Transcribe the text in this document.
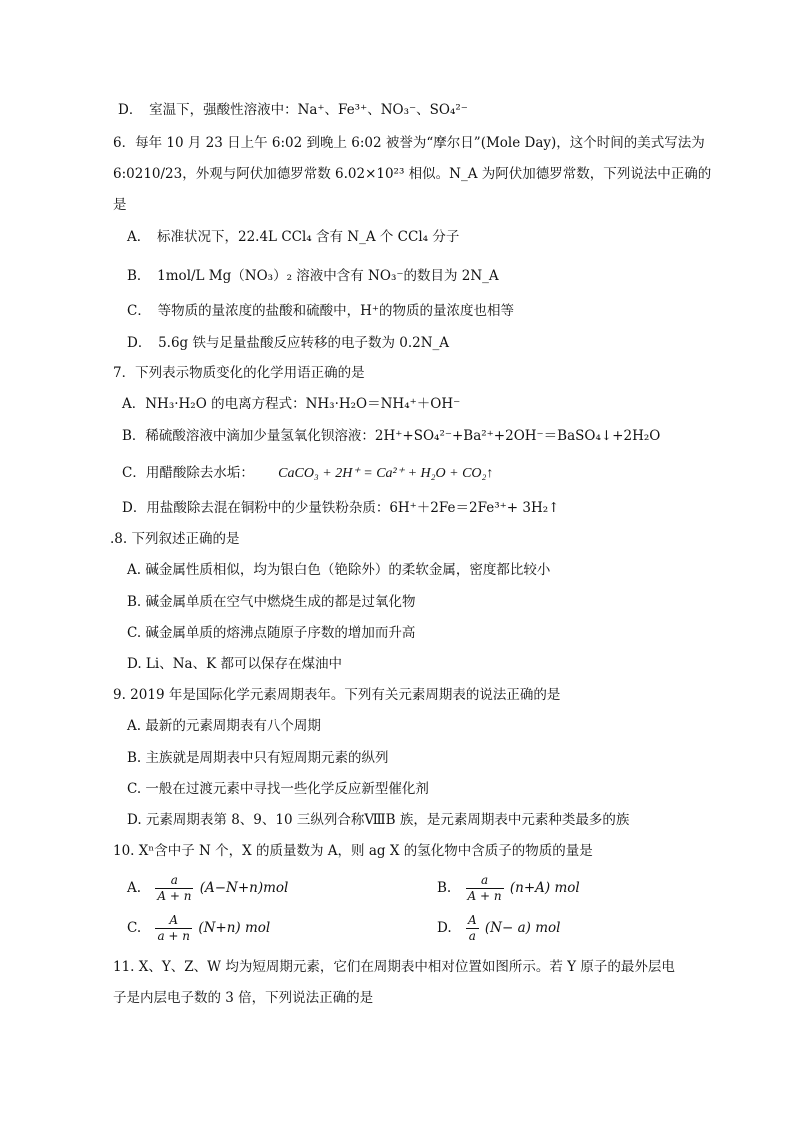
D．　室温下，强酸性溶液中：Na⁺、Fe³⁺、NO₃⁻、SO₄²⁻
6．每年 10 月 23 日上午 6:02 到晚上 6:02 被誉为“摩尔日”(Mole Day)，这个时间的美式写法为
6:0210/23，外观与阿伏加德罗常数 6.02×10²³ 相似。N_A 为阿伏加德罗常数，下列说法中正确的
是
A．　标准状况下，22.4L CCl₄ 含有 N_A 个 CCl₄ 分子
B．　1mol/L Mg（NO₃）₂ 溶液中含有 NO₃⁻的数目为 2N_A
C．　等物质的量浓度的盐酸和硫酸中，H⁺的物质的量浓度也相等
D．　5.6g 铁与足量盐酸反应转移的电子数为 0.2N_A
7．下列表示物质变化的化学用语正确的是
A．NH₃·H₂O 的电离方程式：NH₃·H₂O＝NH₄⁺＋OH⁻
B．稀硫酸溶液中滴加少量氢氧化钡溶液：2H⁺+SO₄²⁻+Ba²⁺+2OH⁻＝BaSO₄↓+2H₂O
C．用醋酸除去水垢： CaCO₃ + 2H⁺ = Ca²⁺ + H₂O + CO₂↑
D．用盐酸除去混在铜粉中的少量铁粉杂质：6H⁺＋2Fe＝2Fe³⁺+ 3H₂↑
.8. 下列叙述正确的是
A. 碱金属性质相似，均为银白色（铯除外）的柔软金属，密度都比较小
B. 碱金属单质在空气中燃烧生成的都是过氧化物
C. 碱金属单质的熔沸点随原子序数的增加而升高
D. Li、Na、K 都可以保存在煤油中
9. 2019 年是国际化学元素周期表年。下列有关元素周期表的说法正确的是
A. 最新的元素周期表有八个周期
B. 主族就是周期表中只有短周期元素的纵列
C. 一般在过渡元素中寻找一些化学反应新型催化剂
D. 元素周期表第 8、9、10 三纵列合称ⅧB 族，是元素周期表中元素种类最多的族
10. Xⁿ含中子 N 个，X 的质量数为 A，则 ag X 的氢化物中含质子的物质的量是
A. $\frac{a}{A + n} (A-N+n)mol$	B. $\frac{a}{A + n} (n+A)$ mol
C. $\frac{A}{a + n} (N+n)$ mol	D. $\frac{A}{a} (N- a)$ mol
11. X、Y、Z、W 均为短周期元素，它们在周期表中相对位置如图所示。若 Y 原子的最外层电
子是内层电子数的 3 倍，下列说法正确的是
